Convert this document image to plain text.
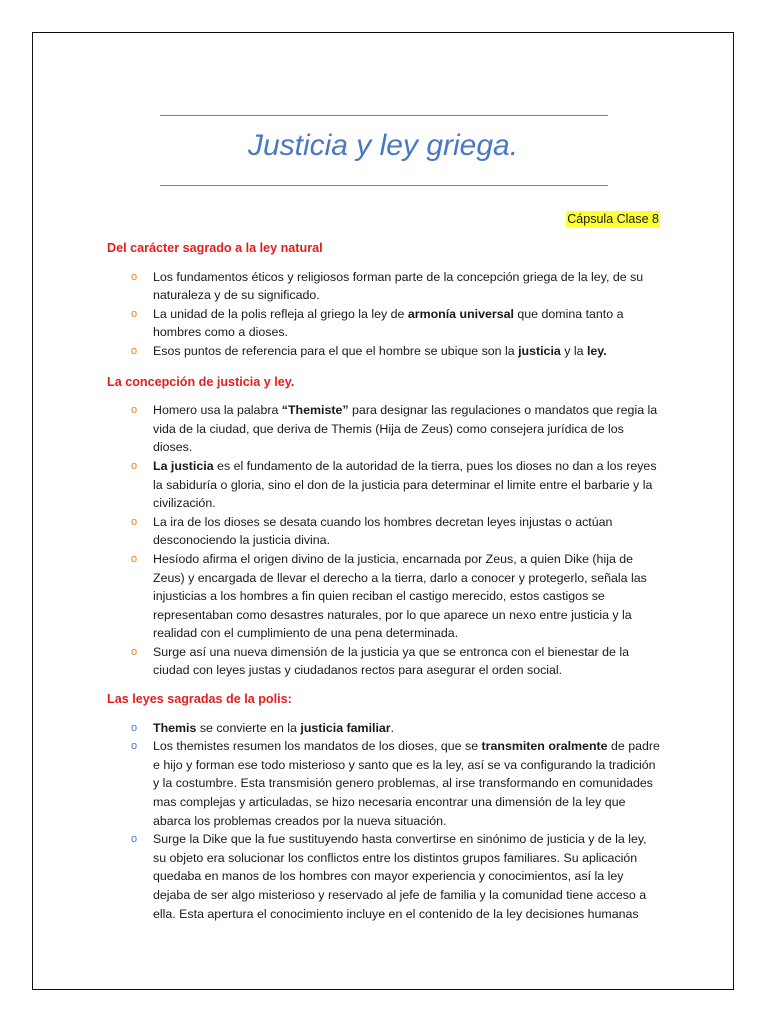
Justicia y ley griega.
Cápsula Clase 8
Del carácter sagrado a la ley natural
o Los fundamentos éticos y religiosos forman parte de la concepción griega de la ley, de su naturaleza y de su significado.
o La unidad de la polis refleja al griego la ley de armonía universal que domina tanto a hombres como a dioses.
o Esos puntos de referencia para el que el hombre se ubique son la justicia y la ley.
La concepción de justicia y ley.
o Homero usa la palabra “Themiste” para designar las regulaciones o mandatos que regia la vida de la ciudad, que deriva de Themis (Hija de Zeus) como consejera jurídica de los dioses.
o La justicia es el fundamento de la autoridad de la tierra, pues los dioses no dan a los reyes la sabiduría o gloria, sino el don de la justicia para determinar el limite entre el barbarie y la civilización.
o La ira de los dioses se desata cuando los hombres decretan leyes injustas o actúan desconociendo la justicia divina.
o Hesíodo afirma el origen divino de la justicia, encarnada por Zeus, a quien Dike (hija de Zeus) y encargada de llevar el derecho a la tierra, darlo a conocer y protegerlo, señala las injusticias a los hombres a fin quien reciban el castigo merecido, estos castigos se representaban como desastres naturales, por lo que aparece un nexo entre justicia y la realidad con el cumplimiento de una pena determinada.
o Surge así una nueva dimensión de la justicia ya que se entronca con el bienestar de la ciudad con leyes justas y ciudadanos rectos para asegurar el orden social.
Las leyes sagradas de la polis:
o Themis se convierte en la justicia familiar.
o Los themistes resumen los mandatos de los dioses, que se transmiten oralmente de padre e hijo y forman ese todo misterioso y santo que es la ley, así se va configurando la tradición y la costumbre. Esta transmisión genero problemas, al irse transformando en comunidades mas complejas y articuladas, se hizo necesaria encontrar una dimensión de la ley que abarca los problemas creados por la nueva situación.
o Surge la Dike que la fue sustituyendo hasta convertirse en sinónimo de justicia y de la ley, su objeto era solucionar los conflictos entre los distintos grupos familiares. Su aplicación quedaba en manos de los hombres con mayor experiencia y conocimientos, así la ley dejaba de ser algo misterioso y reservado al jefe de familia y la comunidad tiene acceso a ella. Esta apertura el conocimiento incluye en el contenido de la ley decisiones humanas
